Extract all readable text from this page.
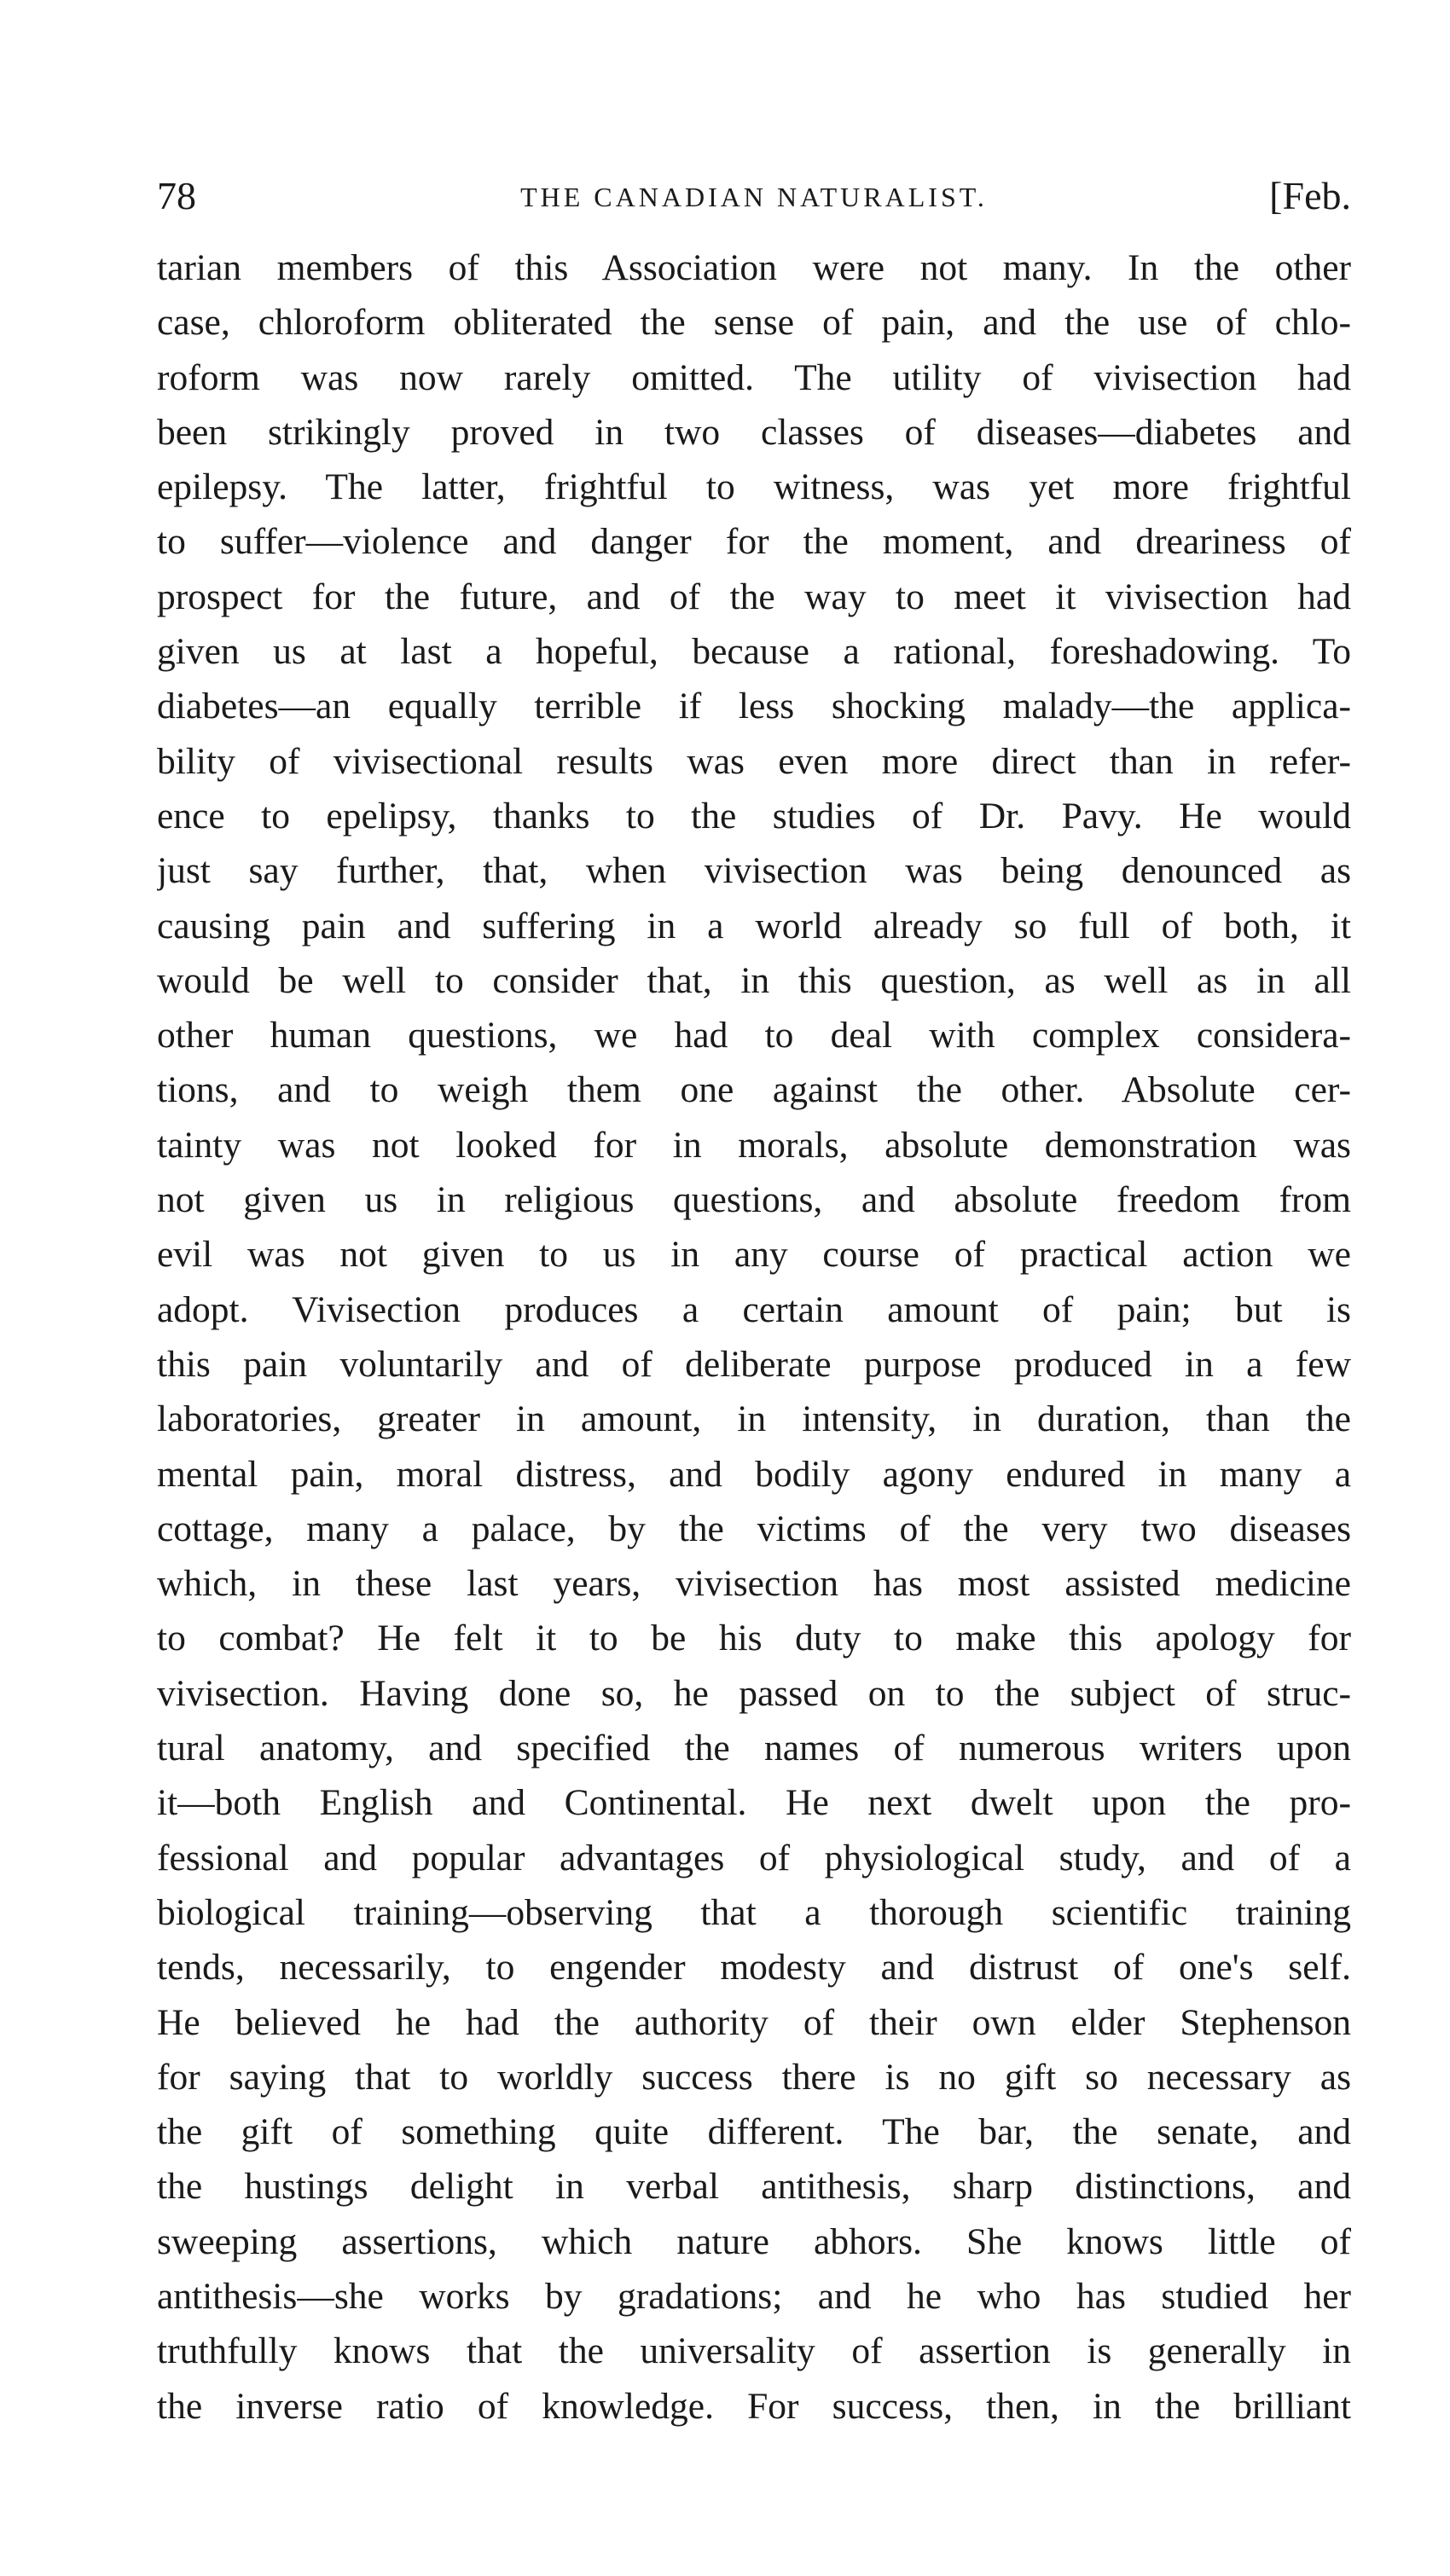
78	THE CANADIAN NATURALIST.	[Feb.
tarian members of this Association were not many. In the other
case, chloroform obliterated the sense of pain, and the use of chlo-
roform was now rarely omitted. The utility of vivisection had
been strikingly proved in two classes of diseases—diabetes and
epilepsy. The latter, frightful to witness, was yet more frightful
to suffer—violence and danger for the moment, and dreariness of
prospect for the future, and of the way to meet it vivisection had
given us at last a hopeful, because a rational, foreshadowing. To
diabetes—an equally terrible if less shocking malady—the applica-
bility of vivisectional results was even more direct than in refer-
ence to epelipsy, thanks to the studies of Dr. Pavy. He would
just say further, that, when vivisection was being denounced as
causing pain and suffering in a world already so full of both, it
would be well to consider that, in this question, as well as in all
other human questions, we had to deal with complex considera-
tions, and to weigh them one against the other. Absolute cer-
tainty was not looked for in morals, absolute demonstration was
not given us in religious questions, and absolute freedom from
evil was not given to us in any course of practical action we
adopt. Vivisection produces a certain amount of pain; but is
this pain voluntarily and of deliberate purpose produced in a few
laboratories, greater in amount, in intensity, in duration, than the
mental pain, moral distress, and bodily agony endured in many a
cottage, many a palace, by the victims of the very two diseases
which, in these last years, vivisection has most assisted medicine
to combat? He felt it to be his duty to make this apology for
vivisection. Having done so, he passed on to the subject of struc-
tural anatomy, and specified the names of numerous writers upon
it—both English and Continental. He next dwelt upon the pro-
fessional and popular advantages of physiological study, and of a
biological training—observing that a thorough scientific training
tends, necessarily, to engender modesty and distrust of one's self.
He believed he had the authority of their own elder Stephenson
for saying that to worldly success there is no gift so necessary as
the gift of something quite different. The bar, the senate, and
the hustings delight in verbal antithesis, sharp distinctions, and
sweeping assertions, which nature abhors. She knows little of
antithesis—she works by gradations; and he who has studied her
truthfully knows that the universality of assertion is generally in
the inverse ratio of knowledge. For success, then, in the brilliant
